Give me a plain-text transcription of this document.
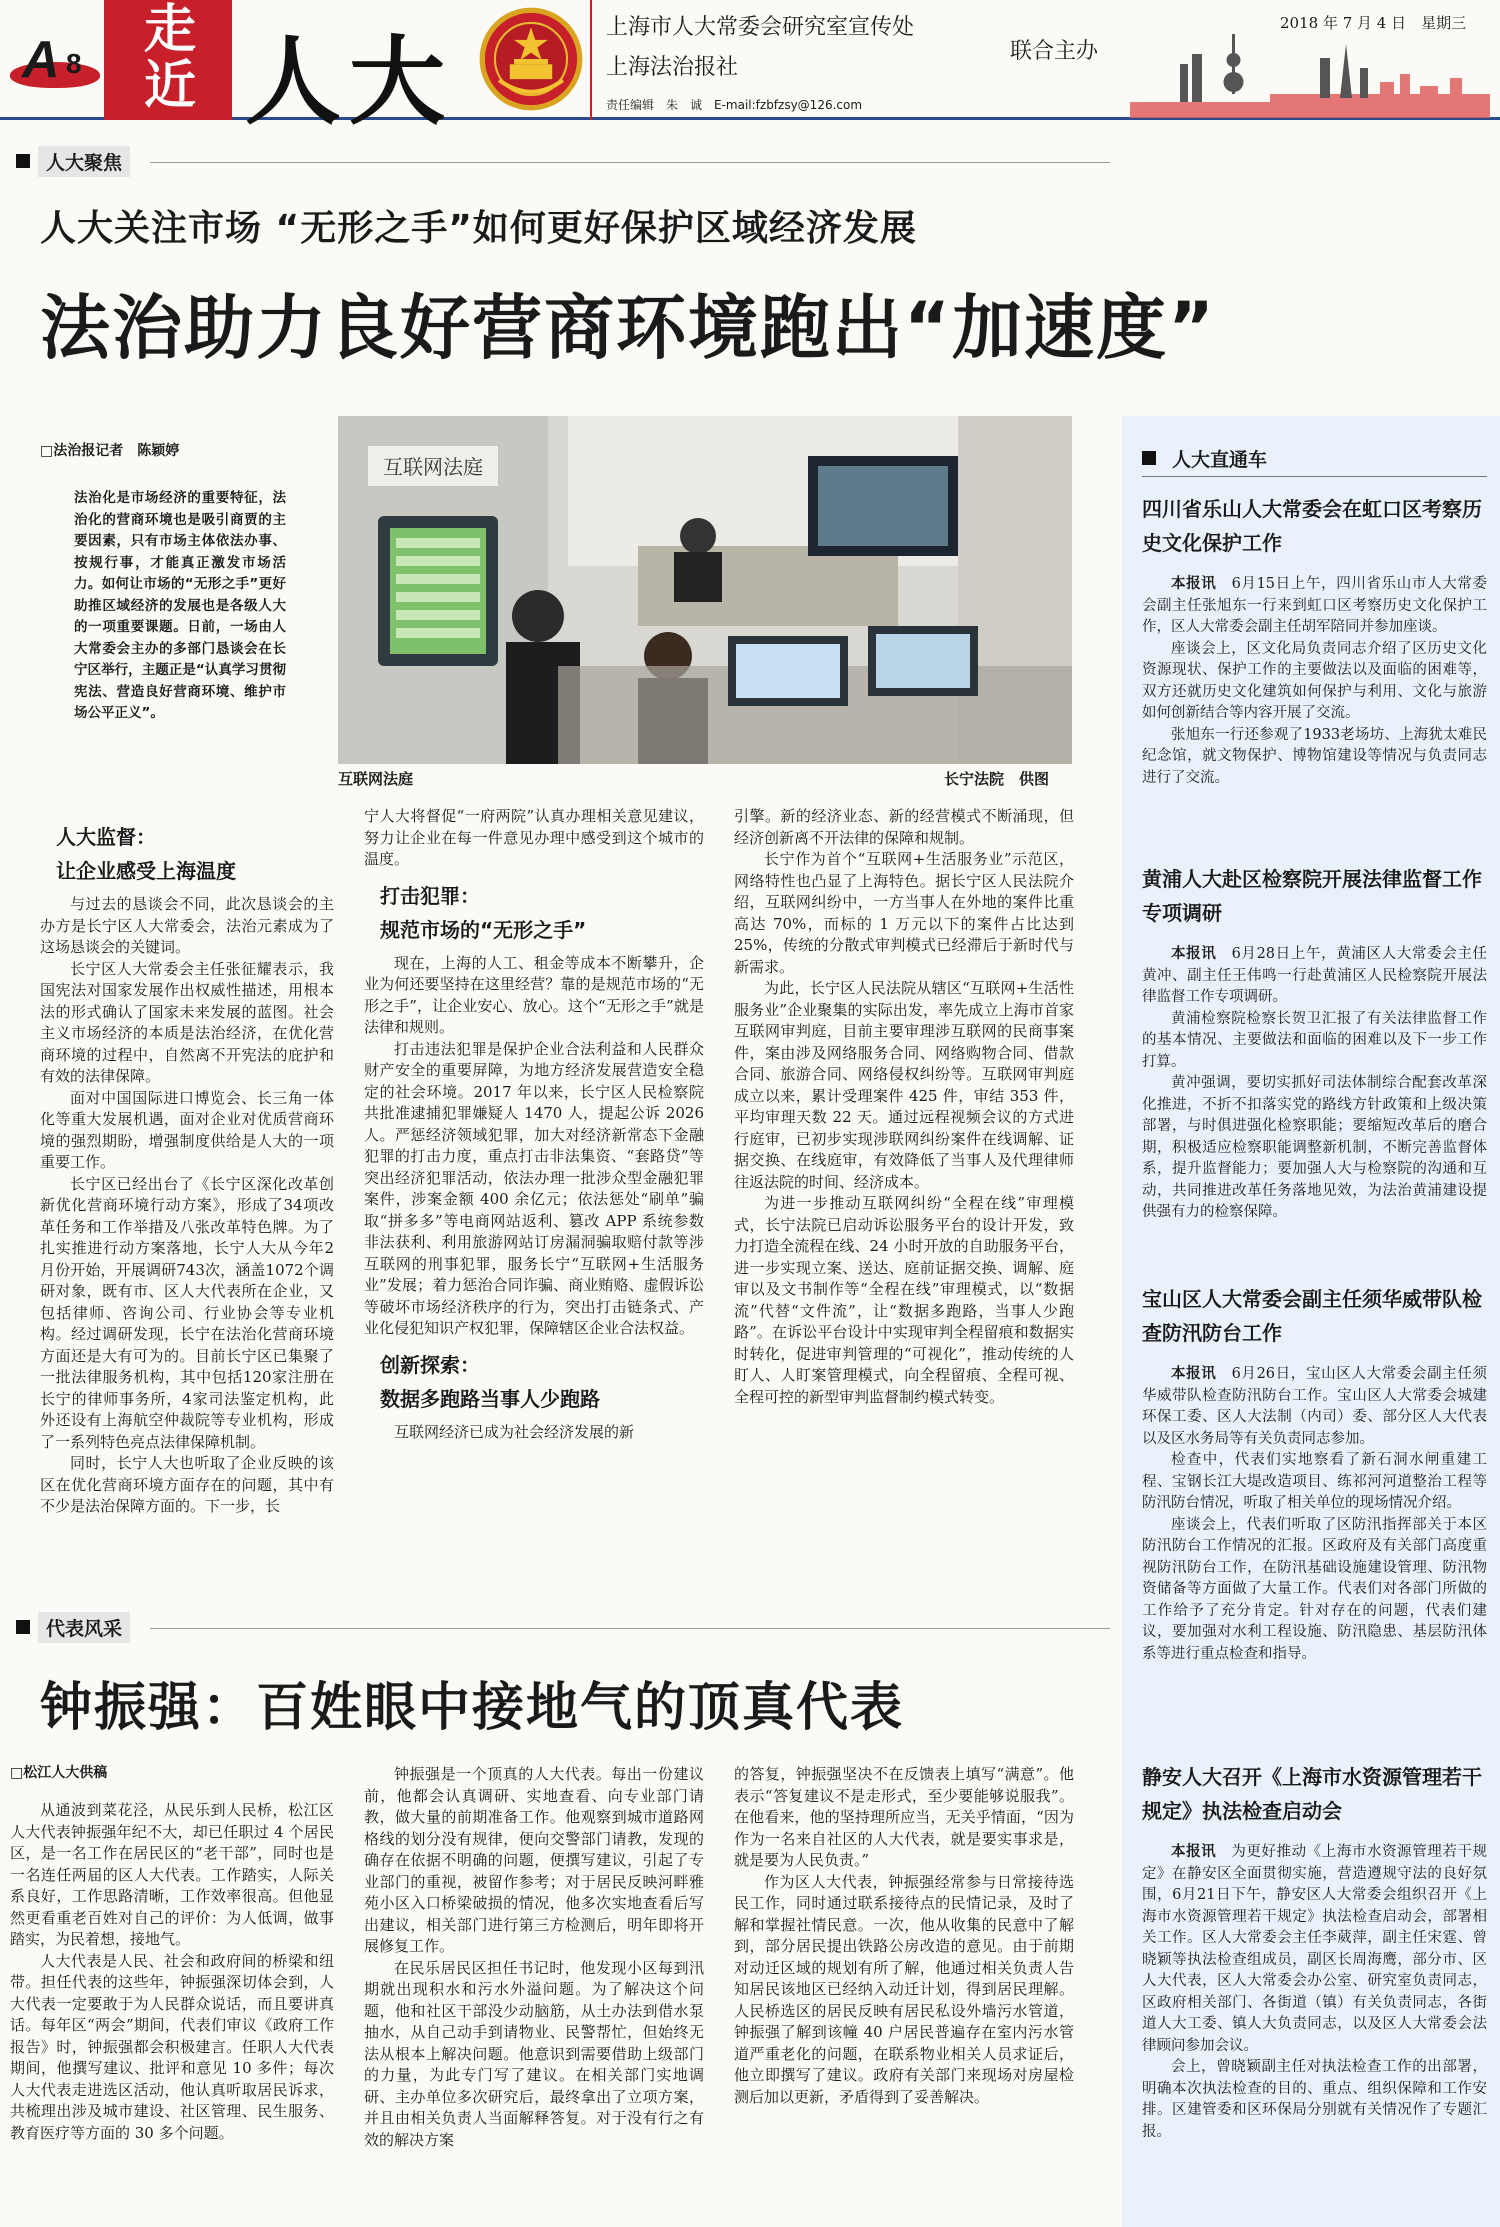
A 8
走
近 人大	上海市人大常委会研究室宣传处
上海法治报社
联合主办
责任编辑　朱　诚　E-mail:fzbfzsy@126.com
2018 年 7 月 4 日　星期三
人大聚焦
人大关注市场 “无形之手”如何更好保护区域经济发展
法治助力良好营商环境跑出“加速度”
□法治报记者　陈颖婷
法治化是市场经济的重要特征，法治化的营商环境也是吸引商贾的主要因素，只有市场主体依法办事、按规行事，才能真正激发市场活力。如何让市场的“无形之手”更好助推区域经济的发展也是各级人大的一项重要课题。日前，一场由人大常委会主办的多部门恳谈会在长宁区举行，主题正是“认真学习贯彻宪法、营造良好营商环境、维护市场公平正义”。
互联网法庭
互联网法庭	长宁法院　供图
人大监督：
让企业感受上海温度

与过去的恳谈会不同，此次恳谈会的主办方是长宁区人大常委会，法治元素成为了这场恳谈会的关键词。

长宁区人大常委会主任张征耀表示，我国宪法对国家发展作出权威性描述，用根本法的形式确认了国家未来发展的蓝图。社会主义市场经济的本质是法治经济，在优化营商环境的过程中，自然离不开宪法的庇护和有效的法律保障。

面对中国国际进口博览会、长三角一体化等重大发展机遇，面对企业对优质营商环境的强烈期盼，增强制度供给是人大的一项重要工作。

长宁区已经出台了《长宁区深化改革创新优化营商环境行动方案》，形成了34项改革任务和工作举措及八张改革特色牌。为了扎实推进行动方案落地，长宁人大从今年2月份开始，开展调研743次，涵盖1072个调研对象，既有市、区人大代表所在企业，又包括律师、咨询公司、行业协会等专业机构。经过调研发现，长宁在法治化营商环境方面还是大有可为的。目前长宁区已集聚了一批法律服务机构，其中包括120家注册在长宁的律师事务所，4家司法鉴定机构，此外还设有上海航空仲裁院等专业机构，形成了一系列特色亮点法律保障机制。

同时，长宁人大也听取了企业反映的该区在优化营商环境方面存在的问题，其中有不少是法治保障方面的。下一步，长

宁人大将督促“一府两院”认真办理相关意见建议，努力让企业在每一件意见办理中感受到这个城市的温度。

打击犯罪：
规范市场的“无形之手”

现在，上海的人工、租金等成本不断攀升，企业为何还要坚持在这里经营？靠的是规范市场的“无形之手”，让企业安心、放心。这个“无形之手”就是法律和规则。

打击违法犯罪是保护企业合法利益和人民群众财产安全的重要屏障，为地方经济发展营造安全稳定的社会环境。2017 年以来，长宁区人民检察院共批准逮捕犯罪嫌疑人 1470 人，提起公诉 2026 人。严惩经济领域犯罪，加大对经济新常态下金融犯罪的打击力度，重点打击非法集资、“套路贷”等突出经济犯罪活动，依法办理一批涉众型金融犯罪案件，涉案金额 400 余亿元；依法惩处“刷单”骗取“拼多多”等电商网站返利、篡改 APP 系统参数非法获利、利用旅游网站订房漏洞骗取赔付款等涉互联网的刑事犯罪，服务长宁“互联网+生活服务业”发展；着力惩治合同诈骗、商业贿赂、虚假诉讼等破坏市场经济秩序的行为，突出打击链条式、产业化侵犯知识产权犯罪，保障辖区企业合法权益。

创新探索：
数据多跑路当事人少跑路

互联网经济已成为社会经济发展的新

引擎。新的经济业态、新的经营模式不断涌现，但经济创新离不开法律的保障和规制。

长宁作为首个“互联网+生活服务业”示范区，网络特性也凸显了上海特色。据长宁区人民法院介绍，互联网纠纷中，一方当事人在外地的案件比重高达 70%，而标的 1 万元以下的案件占比达到 25%，传统的分散式审判模式已经滞后于新时代与新需求。

为此，长宁区人民法院从辖区“互联网+生活性服务业”企业聚集的实际出发，率先成立上海市首家互联网审判庭，目前主要审理涉互联网的民商事案件，案由涉及网络服务合同、网络购物合同、借款合同、旅游合同、网络侵权纠纷等。互联网审判庭成立以来，累计受理案件 425 件，审结 353 件，平均审理天数 22 天。通过远程视频会议的方式进行庭审，已初步实现涉联网纠纷案件在线调解、证据交换、在线庭审，有效降低了当事人及代理律师往返法院的时间、经济成本。

为进一步推动互联网纠纷“全程在线”审理模式，长宁法院已启动诉讼服务平台的设计开发，致力打造全流程在线、24 小时开放的自助服务平台，进一步实现立案、送达、庭前证据交换、调解、庭审以及文书制作等“全程在线”审理模式，以“数据流”代替“文件流”，让“数据多跑路，当事人少跑路”。在诉讼平台设计中实现审判全程留痕和数据实时转化，促进审判管理的“可视化”，推动传统的人盯人、人盯案管理模式，向全程留痕、全程可视、全程可控的新型审判监督制约模式转变。

代表风采
钟振强：百姓眼中接地气的顶真代表
□松江人大供稿

从通波到菜花泾，从民乐到人民桥，松江区人大代表钟振强年纪不大，却已任职过 4 个居民区，是一名工作在居民区的“老干部”，同时也是一名连任两届的区人大代表。工作踏实，人际关系良好，工作思路清晰，工作效率很高。但他显然更看重老百姓对自己的评价：为人低调，做事踏实，为民着想，接地气。

人大代表是人民、社会和政府间的桥梁和纽带。担任代表的这些年，钟振强深切体会到，人大代表一定要敢于为人民群众说话，而且要讲真话。每年区“两会”期间，代表们审议《政府工作报告》时，钟振强都会积极建言。任职人大代表期间，他撰写建议、批评和意见 10 多件；每次人大代表走进选区活动，他认真听取居民诉求，共梳理出涉及城市建设、社区管理、民生服务、教育医疗等方面的 30 多个问题。

钟振强是一个顶真的人大代表。每出一份建议前，他都会认真调研、实地查看、向专业部门请教，做大量的前期准备工作。他观察到城市道路网格线的划分没有规律，便向交警部门请教，发现的确存在依据不明确的问题，便撰写建议，引起了专业部门的重视，被留作参考；对于居民反映河畔雅苑小区入口桥梁破损的情况，他多次实地查看后写出建议，相关部门进行第三方检测后，明年即将开展修复工作。

在民乐居民区担任书记时，他发现小区每到汛期就出现积水和污水外溢问题。为了解决这个问题，他和社区干部没少动脑筋，从土办法到借水泵抽水，从自己动手到请物业、民警帮忙，但始终无法从根本上解决问题。他意识到需要借助上级部门的力量，为此专门写了建议。在相关部门实地调研、主办单位多次研究后，最终拿出了立项方案，并且由相关负责人当面解释答复。对于没有行之有效的解决方案

的答复，钟振强坚决不在反馈表上填写“满意”。他表示“答复建议不是走形式，至少要能够说服我”。在他看来，他的坚持理所应当，无关乎情面，“因为作为一名来自社区的人大代表，就是要实事求是，就是要为人民负责。”

作为区人大代表，钟振强经常参与日常接待选民工作，同时通过联系接待点的民情记录，及时了解和掌握社情民意。一次，他从收集的民意中了解到，部分居民提出铁路公房改造的意见。由于前期对动迁区域的规划有所了解，他通过相关负责人告知居民该地区已经纳入动迁计划，得到居民理解。人民桥选区的居民反映有居民私设外墙污水管道，钟振强了解到该幢 40 户居民普遍存在室内污水管道严重老化的问题，在联系物业相关人员求证后，他立即撰写了建议。政府有关部门来现场对房屋检测后加以更新，矛盾得到了妥善解决。

人大直通车
四川省乐山人大常委会在虹口区考察历史文化保护工作

本报讯　 6月15日上午，四川省乐山市人大常委会副主任张旭东一行来到虹口区考察历史文化保护工作，区人大常委会副主任胡军陪同并参加座谈。

座谈会上，区文化局负责同志介绍了区历史文化资源现状、保护工作的主要做法以及面临的困难等，双方还就历史文化建筑如何保护与利用、文化与旅游如何创新结合等内容开展了交流。

张旭东一行还参观了1933老场坊、上海犹太难民纪念馆，就文物保护、博物馆建设等情况与负责同志进行了交流。

黄浦人大赴区检察院开展法律监督工作专项调研

本报讯　 6月28日上午，黄浦区人大常委会主任黄冲、副主任王伟鸣一行赴黄浦区人民检察院开展法律监督工作专项调研。

黄浦检察院检察长贺卫汇报了有关法律监督工作的基本情况、主要做法和面临的困难以及下一步工作打算。

黄冲强调，要切实抓好司法体制综合配套改革深化推进，不折不扣落实党的路线方针政策和上级决策部署，与时俱进强化检察职能；要缩短改革后的磨合期，积极适应检察职能调整新机制，不断完善监督体系，提升监督能力；要加强人大与检察院的沟通和互动，共同推进改革任务落地见效，为法治黄浦建设提供强有力的检察保障。

宝山区人大常委会副主任须华威带队检查防汛防台工作

本报讯　 6月26日，宝山区人大常委会副主任须华威带队检查防汛防台工作。宝山区人大常委会城建环保工委、区人大法制（内司）委、部分区人大代表以及区水务局等有关负责同志参加。

检查中，代表们实地察看了新石洞水闸重建工程、宝钢长江大堤改造项目、练祁河河道整治工程等防汛防台情况，听取了相关单位的现场情况介绍。

座谈会上，代表们听取了区防汛指挥部关于本区防汛防台工作情况的汇报。区政府及有关部门高度重视防汛防台工作，在防汛基础设施建设管理、防汛物资储备等方面做了大量工作。代表们对各部门所做的工作给予了充分肯定。针对存在的问题，代表们建议，要加强对水利工程设施、防汛隐患、基层防汛体系等进行重点检查和指导。

静安人大召开《上海市水资源管理若干规定》执法检查启动会

本报讯　 为更好推动《上海市水资源管理若干规定》在静安区全面贯彻实施，营造遵规守法的良好氛围，6月21日下午，静安区人大常委会组织召开《上海市水资源管理若干规定》执法检查启动会，部署相关工作。区人大常委会主任李葳萍，副主任宋霆、曾晓颖等执法检查组成员，副区长周海鹰，部分市、区人大代表，区人大常委会办公室、研究室负责同志，区政府相关部门、各街道（镇）有关负责同志，各街道人大工委、镇人大负责同志，以及区人大常委会法律顾问参加会议。

会上，曾晓颖副主任对执法检查工作的出部署，明确本次执法检查的目的、重点、组织保障和工作安排。区建管委和区环保局分别就有关情况作了专题汇报。
